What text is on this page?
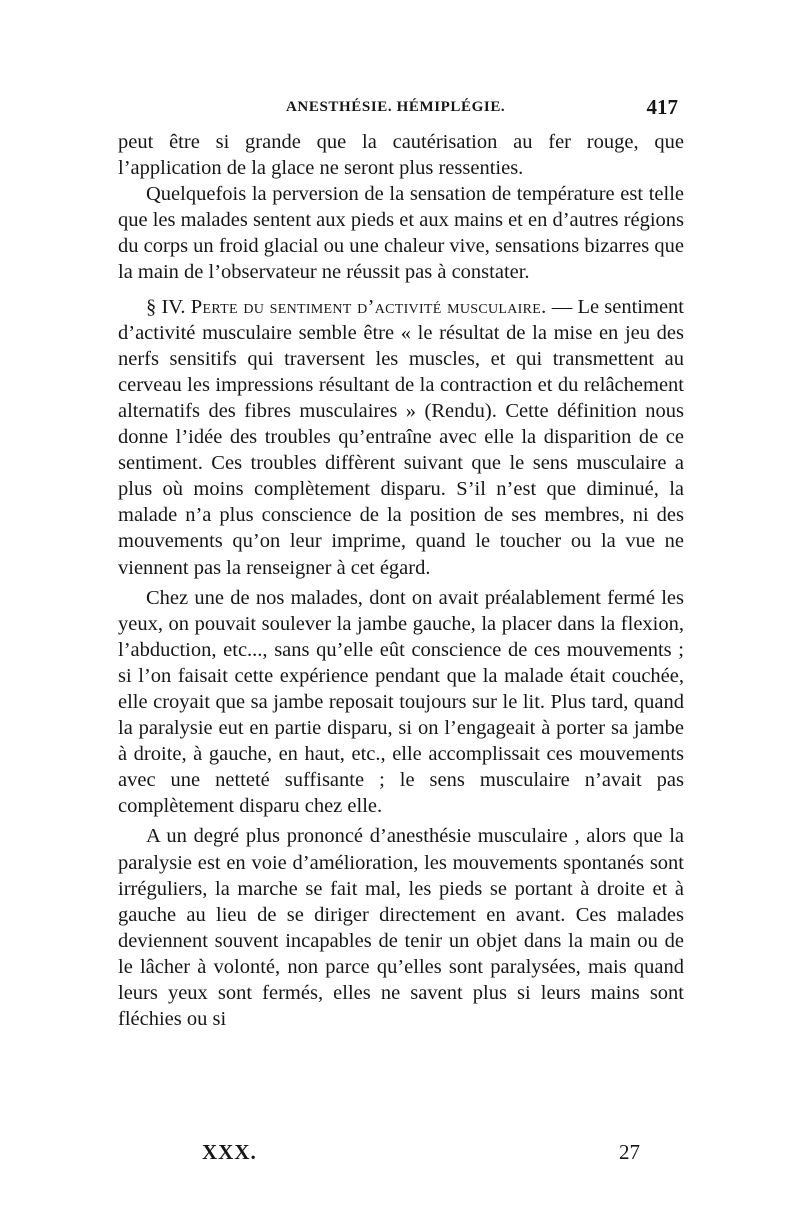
ANESTHÉSIE. HÉMIPLÉGIE.	417

peut être si grande que la cautérisation au fer rouge, que l’application de la glace ne seront plus ressenties.

Quelquefois la perversion de la sensation de température est telle que les malades sentent aux pieds et aux mains et en d’autres régions du corps un froid glacial ou une chaleur vive, sensations bizarres que la main de l’observateur ne réussit pas à constater.

§ IV. Perte du sentiment d’activité musculaire. — Le sentiment d’activité musculaire semble être « le résultat de la mise en jeu des nerfs sensitifs qui traversent les muscles, et qui transmettent au cerveau les impressions résultant de la contraction et du relâchement alternatifs des fibres musculaires » (Rendu). Cette définition nous donne l’idée des troubles qu’entraîne avec elle la disparition de ce sentiment. Ces troubles diffèrent suivant que le sens musculaire a plus où moins complètement disparu. S’il n’est que diminué, la malade n’a plus conscience de la position de ses membres, ni des mouvements qu’on leur imprime, quand le toucher ou la vue ne viennent pas la renseigner à cet égard.

Chez une de nos malades, dont on avait préalablement fermé les yeux, on pouvait soulever la jambe gauche, la placer dans la flexion, l’abduction, etc..., sans qu’elle eût conscience de ces mouvements ; si l’on faisait cette expérience pendant que la malade était couchée, elle croyait que sa jambe reposait toujours sur le lit. Plus tard, quand la paralysie eut en partie disparu, si on l’engageait à porter sa jambe à droite, à gauche, en haut, etc., elle accomplissait ces mouvements avec une netteté suffisante ; le sens musculaire n’avait pas complètement disparu chez elle.

A un degré plus prononcé d’anesthésie musculaire , alors que la paralysie est en voie d’amélioration, les mouvements spontanés sont irréguliers, la marche se fait mal, les pieds se portant à droite et à gauche au lieu de se diriger directement en avant. Ces malades deviennent souvent incapables de tenir un objet dans la main ou de le lâcher à volonté, non parce qu’elles sont paralysées, mais quand leurs yeux sont fermés, elles ne savent plus si leurs mains sont fléchies ou si

XXX.	27
